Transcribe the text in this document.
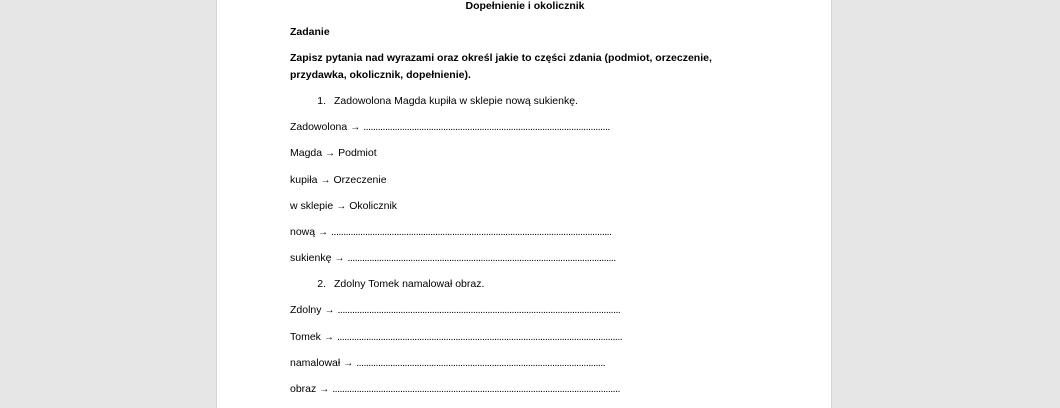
Dopełnienie i okolicznik
Zadanie
Zapisz pytania nad wyrazami oraz określ jakie to części zdania (podmiot, orzeczenie, przydawka, okolicznik, dopełnienie).
1. Zadowolona Magda kupiła w sklepie nową sukienkę.
Zadowolona → ......................................................................................................
Magda → Podmiot
kupiła → Orzeczenie
w sklepie → Okolicznik
nową → ....................................................................................................................
sukienkę → ...............................................................................................................
2. Zdolny Tomek namalował obraz.
Zdolny → .....................................................................................................................
Tomek → ......................................................................................................................
namalował → .......................................................................................................
obraz → .......................................................................................................................
